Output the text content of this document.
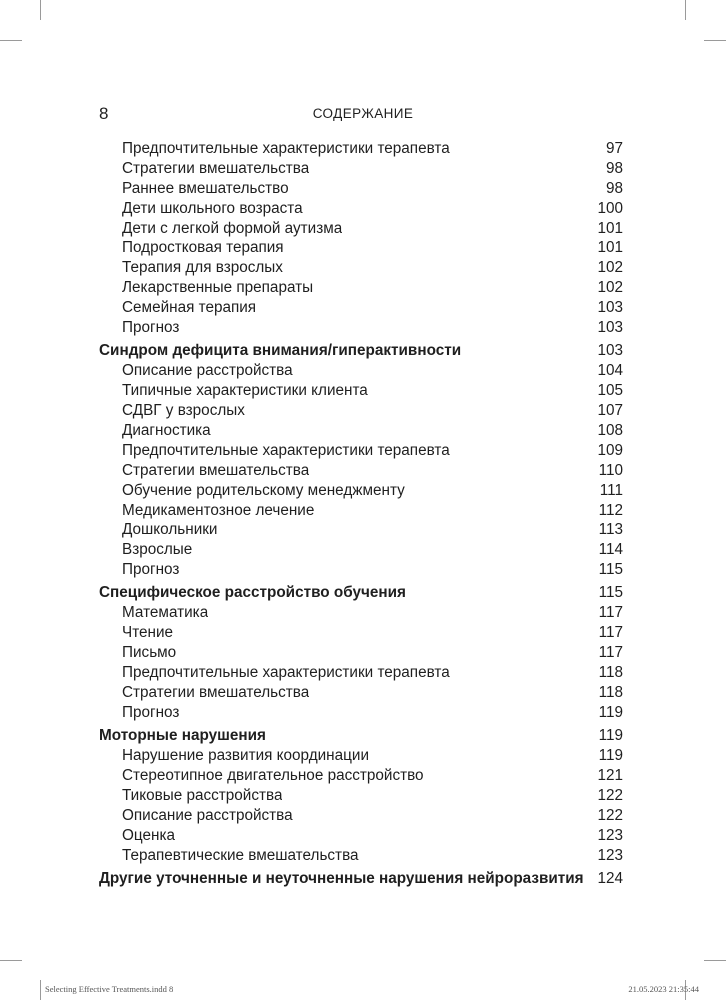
8	СОДЕРЖАНИЕ
Предпочтительные характеристики терапевта	97
Стратегии вмешательства	98
Раннее вмешательство	98
Дети школьного возраста	100
Дети с легкой формой аутизма	101
Подростковая терапия	101
Терапия для взрослых	102
Лекарственные препараты	102
Семейная терапия	103
Прогноз	103
Синдром дефицита внимания/гиперактивности	103
Описание расстройства	104
Типичные характеристики клиента	105
СДВГ у взрослых	107
Диагностика	108
Предпочтительные характеристики терапевта	109
Стратегии вмешательства	110
Обучение родительскому менеджменту	111
Медикаментозное лечение	112
Дошкольники	113
Взрослые	114
Прогноз	115
Специфическое расстройство обучения	115
Математика	117
Чтение	117
Письмо	117
Предпочтительные характеристики терапевта	118
Стратегии вмешательства	118
Прогноз	119
Моторные нарушения	119
Нарушение развития координации	119
Стереотипное двигательное расстройство	121
Тиковые расстройства	122
Описание расстройства	122
Оценка	123
Терапевтические вмешательства	123
Другие уточненные и неуточненные нарушения нейроразвития 124
Selecting Effective Treatments.indd 8	21.05.2023 21:35:44
